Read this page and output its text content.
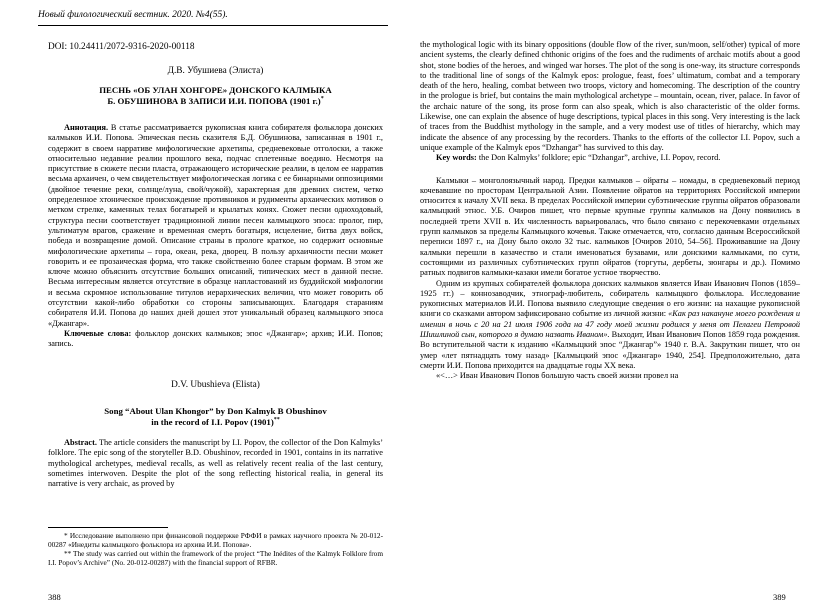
Новый филологический вестник. 2020. №4(55).
DOI: 10.24411/2072-9316-2020-00118
Д.В. Убушиева (Элиста)
ПЕСНЬ «ОБ УЛАН ХОНГОРЕ» ДОНСКОГО КАЛМЫКА
Б. ОБУШИНОВА В ЗАПИСИ И.И. ПОПОВА (1901 г.)*

Аннотация. В статье рассматривается рукописная книга собирателя фольклора донских калмыков И.И. Попова. Эпическая песнь сказителя Б.Д. Обушинова, записанная в 1901 г., содержит в своем нарративе мифологические архетипы, средневековые отголоски, а также относительно недавние реалии прошлого века, подчас сплетенные воедино. Несмотря на присутствие в сюжете песни пласта, отражающего исторические реалии, в целом ее нарратив весьма архаичен, о чем свидетельствует мифологическая логика с ее бинарными оппозициями (двойное течение реки, солнце/луна, свой/чужой), характерная для древних систем, четко определенное хтоническое происхождение противников и рудименты архаических мотивов о метком стрелке, каменных телах богатырей и крылатых конях. Сюжет песни одноходовый, структура песни соответствует традиционной линии песен калмыцкого эпоса: пролог, пир, ультиматум врагов, сражение и временная смерть богатыря, исцеление, битва двух войск, победа и возвращение домой. Описание страны в прологе краткое, но содержит основные мифологические архетипы – гора, океан, река, дворец. В пользу архаичности песни может говорить и ее прозаическая форма, что также свойственно более старым формам. В этом же ключе можно объяснить отсутствие больших описаний, типических мест в данной песне. Весьма интересным является отсутствие в образце напластований из буддийской мифологии и весьма скромное использование титулов иерархических величин, что может говорить об отсутствии какой-либо обработки со стороны записывающих. Благодаря стараниям собирателя И.И. Попова до наших дней дошел этот уникальный образец калмыцкого эпоса «Джангар».

Ключевые слова: фольклор донских калмыков; эпос «Джангар»; архив; И.И. Попов; запись.

D.V. Ubushieva (Elista)
Song “About Ulan Khongor” by Don Kalmyk B Obushinov
in the record of I.I. Popov (1901)**

Abstract. The article considers the manuscript by I.I. Popov, the collector of the Don Kalmyks’ folklore. The epic song of the storyteller B.D. Obushinov, recorded in 1901, contains in its narrative mythological archetypes, medieval recalls, as well as relatively recent realia of the last century, sometimes interwoven. Despite the plot of the song reflecting historical realia, in general its narrative is very archaic, as proved by

* Исследование выполнено при финансовой поддержке РФФИ в рамках научного проекта № 20-012-00287 «Инедиты калмыцкого фольклора из архива И.И. Попова».

** The study was carried out within the framework of the project “The Inédites of the Kalmyk Folklore from I.I. Popov’s Archive” (No. 20-012-00287) with the financial support of RFBR.

388

the mythological logic with its binary oppositions (double flow of the river, sun/moon, self/other) typical of more ancient systems, the clearly defined chthonic origins of the foes and the rudiments of archaic motifs about a good shot, stone bodies of the heroes, and winged war horses. The plot of the song is one-way, its structure corresponds to the traditional line of songs of the Kalmyk epos: prologue, feast, foes’ ultimatum, combat and a temporary death of the hero, healing, combat between two troops, victory and homecoming. The description of the country in the prologue is brief, but contains the main mythological archetype – mountain, ocean, river, palace. In favor of the archaic nature of the song, its prose form can also speak, which is also characteristic of the older forms. Likewise, one can explain the absence of huge descriptions, typical places in this song. Very interesting is the lack of traces from the Buddhist mythology in the sample, and a very modest use of titles of hierarchy, which may indicate the absence of any processing by the recorders. Thanks to the efforts of the collector I.I. Popov, such a unique example of the Kalmyk epos “Dzhangar” has survived to this day.

Key words: the Don Kalmyks’ folklore; epic “Dzhangar”, archive, I.I. Popov, record.

Калмыки – монголоязычный народ. Предки калмыков – ойраты – номады, в средневековый период кочевавшие по просторам Центральной Азии. Появление ойратов на территориях Российской империи относится к началу XVII века. В пределах Российской империи субэтнические группы ойратов образовали калмыцкий этнос. У.Б. Очиров пишет, что первые крупные группы калмыков на Дону появились в последней трети XVII в. Их численность варьировалась, что было связано с перекочевками отдельных групп калмыков за пределы Калмыцкого кочевья. Также отмечается, что, согласно данным Всероссийской переписи 1897 г., на Дону было около 32 тыс. калмыков [Очиров 2010, 54–56]. Проживавшие на Дону калмыки перешли в казачество и стали именоваться бузавами, или донскими калмыками, по сути, состоящими из различных субэтнических групп ойратов (торгуты, дербеты, зюнгары и др.). Помимо ратных подвигов калмыки-казаки имели богатое устное творчество.

Одним из крупных собирателей фольклора донских калмыков является Иван Иванович Попов (1859–1925 гг.) – коннозаводчик, этнограф-любитель, собиратель калмыцкого фольклора. Исследование рукописных материалов И.И. Попова выявило следующие сведения о его жизни: на нахащие рукописной книги со сказками автором зафиксировано событие из личной жизни: «Как раз накануне моего рождения и именин в ночь с 20 на 21 июля 1906 года на 47 году моей жизни родился у меня от Пелагеи Петровой Шишлиной сын, которого я думаю назвать Иваном». Выходит, Иван Иванович Попов 1859 года рождения. Во вступительной части к изданию «Калмыцкий эпос “Джангар”» 1940 г. В.А. Закруткин пишет, что он умер «лет пятнадцать тому назад» [Калмыцкий эпос «Джангар» 1940, 254]. Предположительно, дата смерти И.И. Попова приходится на двадцатые годы XX века.

«<…> Иван Иванович Попов большую часть своей жизни провел на

389
